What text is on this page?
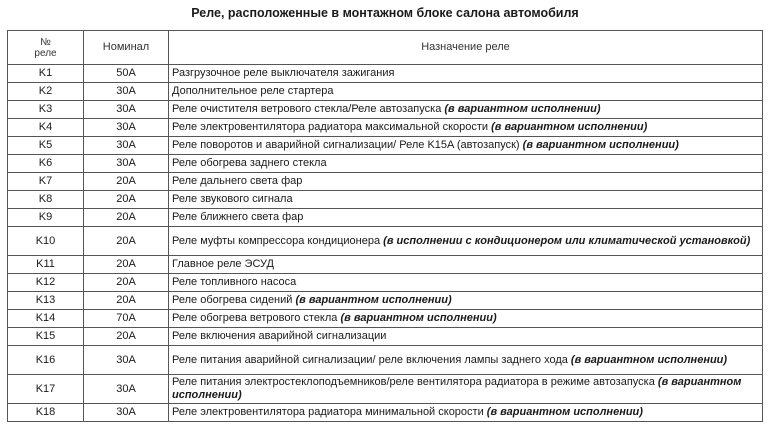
Реле, расположенные в монтажном блоке салона автомобиля
№
реле	Номинал	Назначение реле
K1	50A	Разгрузочное реле выключателя зажигания
K2	30A	Дополнительное реле стартера
K3	30A	Реле очистителя ветрового стекла/Реле автозапуска (в вариантном исполнении)
K4	30A	Реле электровентилятора радиатора максимальной скорости (в вариантном исполнении)
K5	30A	Реле поворотов и аварийной сигнализации/ Реле K15A (автозапуск) (в вариантном исполнении)
K6	30A	Реле обогрева заднего стекла
K7	20A	Реле дальнего света фар
K8	20A	Реле звукового сигнала
K9	20A	Реле ближнего света фар
K10	20A	Реле муфты компрессора кондиционера (в исполнении с кондиционером или климатической установкой)
K11	20A	Главное реле ЭСУД
K12	20A	Реле топливного насоса
K13	20A	Реле обогрева сидений (в вариантном исполнении)
K14	70A	Реле обогрева ветрового стекла (в вариантном исполнении)
K15	20A	Реле включения аварийной сигнализации
K16	30A	Реле питания аварийной сигнализации/ реле включения лампы заднего хода (в вариантном исполнении)
K17	30A	Реле питания электростеклоподъемников/реле вентилятора радиатора в режиме автозапуска (в вариантном исполнении)
K18	30A	Реле электровентилятора радиатора минимальной скорости (в вариантном исполнении)
